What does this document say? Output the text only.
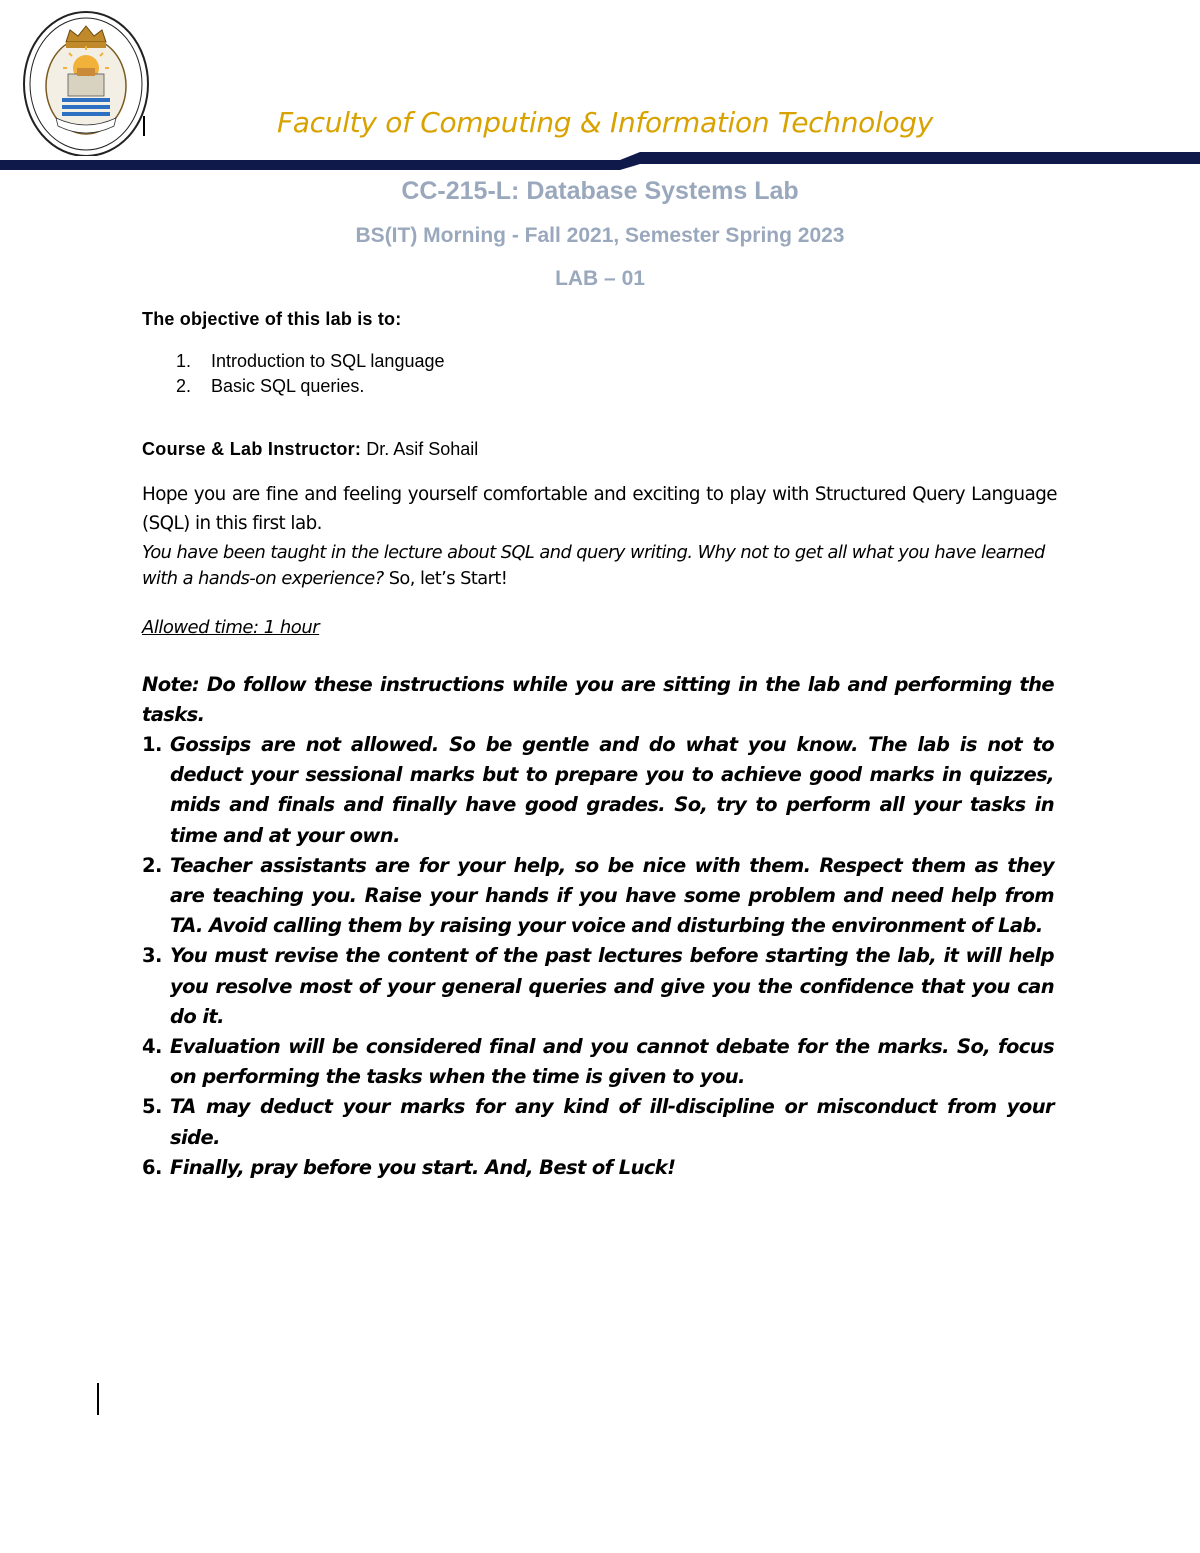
Faculty of Computing & Information Technology
CC-215-L: Database Systems Lab
BS(IT) Morning - Fall 2021, Semester Spring 2023
LAB – 01
The objective of this lab is to:
1. Introduction to SQL language
2. Basic SQL queries.
Course & Lab Instructor: Dr. Asif Sohail
Hope you are fine and feeling yourself comfortable and exciting to play with Structured Query Language (SQL) in this first lab.
You have been taught in the lecture about SQL and query writing. Why not to get all what you have learned with a hands-on experience? So, let’s Start!
Allowed time: 1 hour
Note: Do follow these instructions while you are sitting in the lab and performing the tasks.
1. Gossips are not allowed. So be gentle and do what you know. The lab is not to deduct your sessional marks but to prepare you to achieve good marks in quizzes, mids and finals and finally have good grades. So, try to perform all your tasks in time and at your own.
2. Teacher assistants are for your help, so be nice with them. Respect them as they are teaching you. Raise your hands if you have some problem and need help from TA. Avoid calling them by raising your voice and disturbing the environment of Lab.
3. You must revise the content of the past lectures before starting the lab, it will help you resolve most of your general queries and give you the confidence that you can do it.
4. Evaluation will be considered final and you cannot debate for the marks. So, focus on performing the tasks when the time is given to you.
5. TA may deduct your marks for any kind of ill-discipline or misconduct from your side.
6. Finally, pray before you start. And, Best of Luck!
